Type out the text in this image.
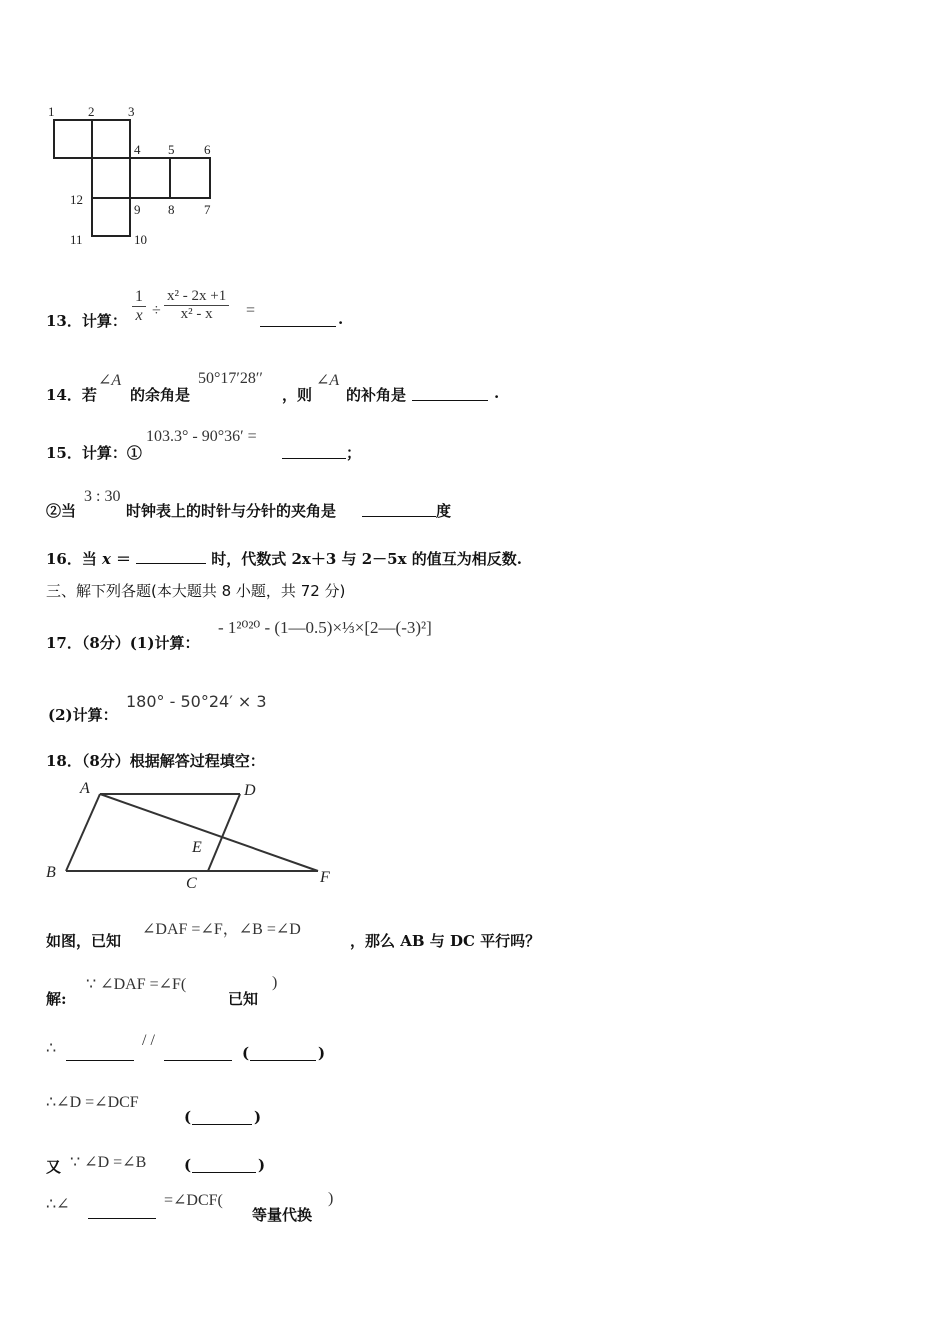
1	2	3
4 5 6
12
9 8 7
11	10
13．计算： $\frac{1}{x} \div \frac{\text{x² - 2x +1}}{\text{x² - x}}$ =	.
14．若
∠A
的余角是
50°17′28′′
，则
∠A
的补角是	.
15．计算：①
103.3° - 90°36′ =
；
②当
3 : 30
时钟表上的时针与分针的夹角是	度
16．当 x ＝	时，代数式 2x＋3 与 2－5x 的值互为相反数.
三、解下列各题(本大题共 8 小题，共 72 分)
17．（8分）(1)计算：
- 1²⁰²⁰ - (1—0.5)×⅓×[2—(-3)²]
(2)计算：
180° - 50°24′ × 3
18．（8分）根据解答过程填空：
A	D
B
C
E
F
如图，已知
∠DAF =∠F，∠B =∠D
，那么 AB 与 DC 平行吗？
解:
∵ ∠DAF =∠F(
已知
)
∴	/ /
(	)
∴∠D =∠DCF
(	)
又 ∵ ∠D =∠B	(	)
∴∠	=∠DCF(
等量代换
)
